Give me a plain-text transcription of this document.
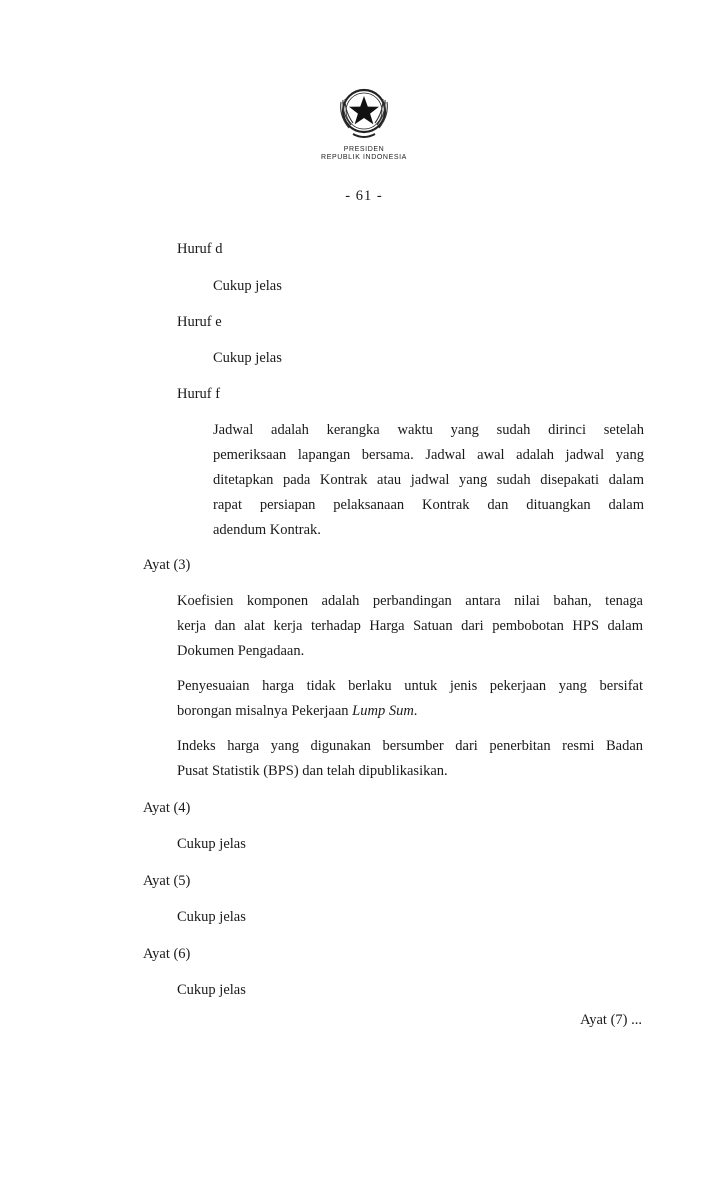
PRESIDEN
REPUBLIK INDONESIA
- 61 -
Huruf d
Cukup jelas
Huruf e
Cukup jelas
Huruf f
Jadwal adalah kerangka waktu yang sudah dirinci setelah
pemeriksaan lapangan bersama. Jadwal awal adalah jadwal yang
ditetapkan pada Kontrak atau jadwal yang sudah disepakati dalam
rapat persiapan pelaksanaan Kontrak dan dituangkan dalam
adendum Kontrak.
Ayat (3)
Koefisien komponen adalah perbandingan antara nilai bahan, tenaga
kerja dan alat kerja terhadap Harga Satuan dari pembobotan HPS dalam
Dokumen Pengadaan.
Penyesuaian harga tidak berlaku untuk jenis pekerjaan yang bersifat
borongan misalnya Pekerjaan Lump Sum.
Indeks harga yang digunakan bersumber dari penerbitan resmi Badan
Pusat Statistik (BPS) dan telah dipublikasikan.
Ayat (4)
Cukup jelas
Ayat (5)
Cukup jelas
Ayat (6)
Cukup jelas
Ayat (7) ...
